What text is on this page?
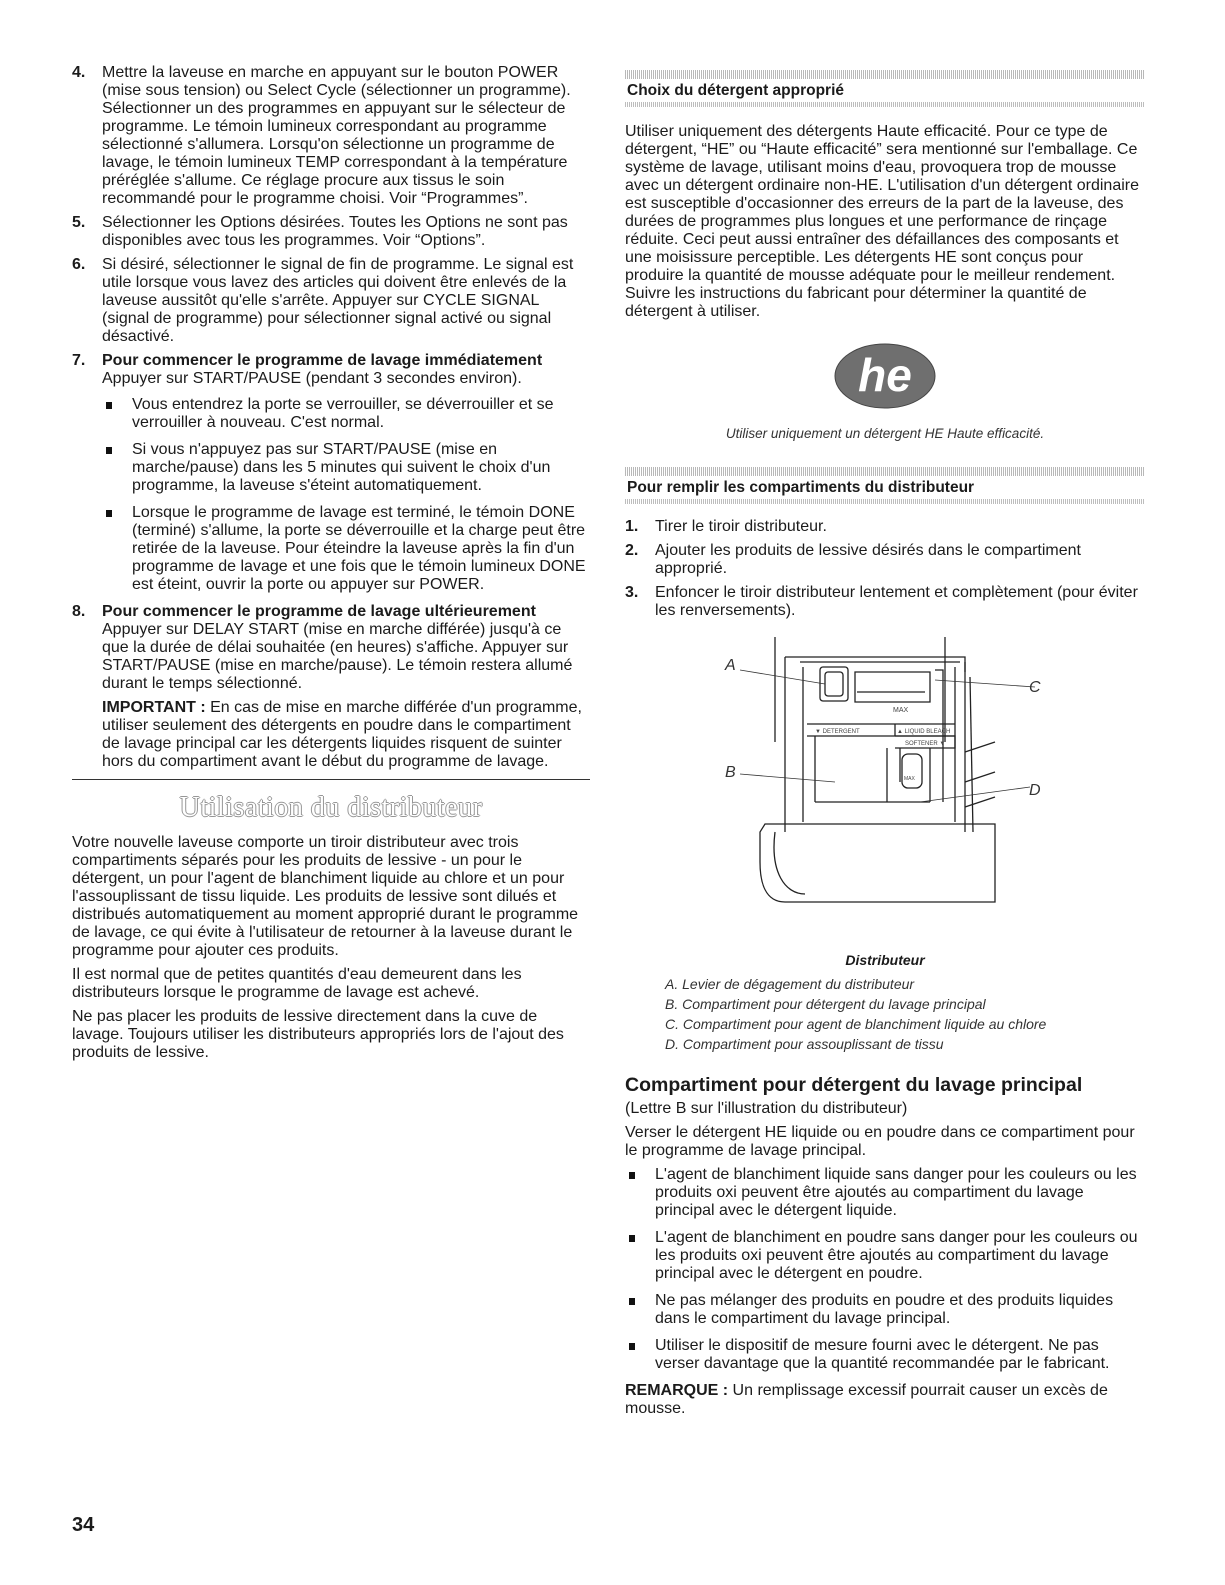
4. Mettre la laveuse en marche en appuyant sur le bouton POWER (mise sous tension) ou Select Cycle (sélectionner un programme). Sélectionner un des programmes en appuyant sur le sélecteur de programme. Le témoin lumineux correspondant au programme sélectionné s'allumera. Lorsqu'on sélectionne un programme de lavage, le témoin lumineux TEMP correspondant à la température préréglée s'allume. Ce réglage procure aux tissus le soin recommandé pour le programme choisi. Voir “Programmes”.
5. Sélectionner les Options désirées. Toutes les Options ne sont pas disponibles avec tous les programmes. Voir “Options”.
6. Si désiré, sélectionner le signal de fin de programme. Le signal est utile lorsque vous lavez des articles qui doivent être enlevés de la laveuse aussitôt qu'elle s'arrête. Appuyer sur CYCLE SIGNAL (signal de programme) pour sélectionner signal activé ou signal désactivé.
7. Pour commencer le programme de lavage immédiatement
Appuyer sur START/PAUSE (pendant 3 secondes environ).
Vous entendrez la porte se verrouiller, se déverrouiller et se verrouiller à nouveau. C'est normal.
Si vous n'appuyez pas sur START/PAUSE (mise en marche/pause) dans les 5 minutes qui suivent le choix d'un programme, la laveuse s'éteint automatiquement.
Lorsque le programme de lavage est terminé, le témoin DONE (terminé) s'allume, la porte se déverrouille et la charge peut être retirée de la laveuse. Pour éteindre la laveuse après la fin d'un programme de lavage et une fois que le témoin lumineux DONE est éteint, ouvrir la porte ou appuyer sur POWER.
8. Pour commencer le programme de lavage ultérieurement
Appuyer sur DELAY START (mise en marche différée) jusqu'à ce que la durée de délai souhaitée (en heures) s'affiche. Appuyer sur START/PAUSE (mise en marche/pause). Le témoin restera allumé durant le temps sélectionné.
IMPORTANT : En cas de mise en marche différée d'un programme, utiliser seulement des détergents en poudre dans le compartiment de lavage principal car les détergents liquides risquent de suinter hors du compartiment avant le début du programme de lavage.
Utilisation du distributeur

Votre nouvelle laveuse comporte un tiroir distributeur avec trois compartiments séparés pour les produits de lessive - un pour le détergent, un pour l'agent de blanchiment liquide au chlore et un pour l'assouplissant de tissu liquide. Les produits de lessive sont dilués et distribués automatiquement au moment approprié durant le programme de lavage, ce qui évite à l'utilisateur de retourner à la laveuse durant le programme pour ajouter ces produits.

Il est normal que de petites quantités d'eau demeurent dans les distributeurs lorsque le programme de lavage est achevé.

Ne pas placer les produits de lessive directement dans la cuve de lavage. Toujours utiliser les distributeurs appropriés lors de l'ajout des produits de lessive.

Choix du détergent approprié

Utiliser uniquement des détergents Haute efficacité. Pour ce type de détergent, “HE” ou “Haute efficacité” sera mentionné sur l'emballage. Ce système de lavage, utilisant moins d'eau, provoquera trop de mousse avec un détergent ordinaire non-HE. L'utilisation d'un détergent ordinaire est susceptible d'occasionner des erreurs de la part de la laveuse, des durées de programmes plus longues et une performance de rinçage réduite. Ceci peut aussi entraîner des défaillances des composants et une moisissure perceptible. Les détergents HE sont conçus pour produire la quantité de mousse adéquate pour le meilleur rendement. Suivre les instructions du fabricant pour déterminer la quantité de détergent à utiliser.

he
Utiliser uniquement un détergent HE Haute efficacité.
Pour remplir les compartiments du distributeur
1. Tirer le tiroir distributeur.
2. Ajouter les produits de lessive désirés dans le compartiment approprié.
3. Enfoncer le tiroir distributeur lentement et complètement (pour éviter les renversements).
MAX
▼ DETERGENT	▲ LIQUID BLEACH
SOFTENER ▼
MAX
A
B
C
D
Distributeur
A. Levier de dégagement du distributeur
B. Compartiment pour détergent du lavage principal
C. Compartiment pour agent de blanchiment liquide au chlore
D. Compartiment pour assouplissant de tissu
Compartiment pour détergent du lavage principal

(Lettre B sur l'illustration du distributeur)

Verser le détergent HE liquide ou en poudre dans ce compartiment pour le programme de lavage principal.

L'agent de blanchiment liquide sans danger pour les couleurs ou les produits oxi peuvent être ajoutés au compartiment du lavage principal avec le détergent liquide.
L'agent de blanchiment en poudre sans danger pour les couleurs ou les produits oxi peuvent être ajoutés au compartiment du lavage principal avec le détergent en poudre.
Ne pas mélanger des produits en poudre et des produits liquides dans le compartiment du lavage principal.
Utiliser le dispositif de mesure fourni avec le détergent. Ne pas verser davantage que la quantité recommandée par le fabricant.

REMARQUE : Un remplissage excessif pourrait causer un excès de mousse.

34
